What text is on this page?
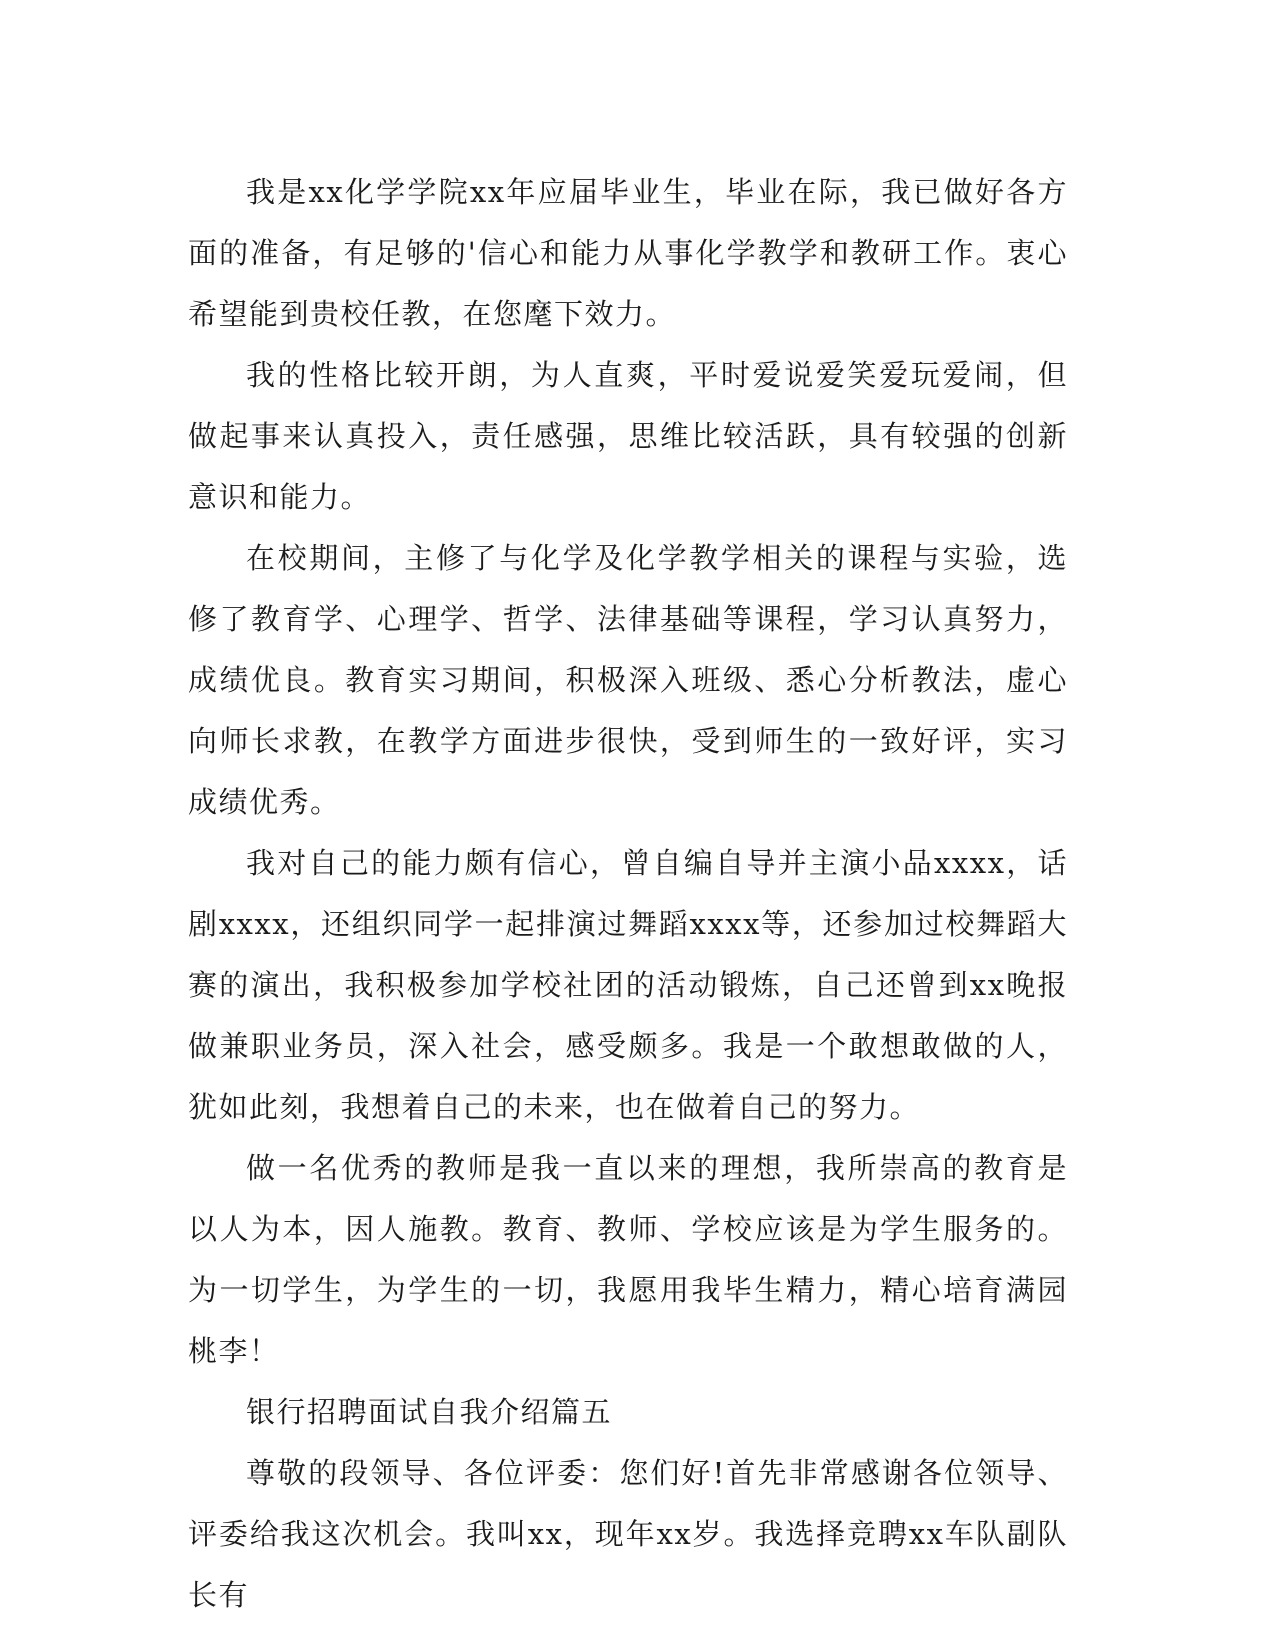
我是xx化学学院xx年应届毕业生，毕业在际，我已做好各方面的准备，有足够的'信心和能力从事化学教学和教研工作。衷心希望能到贵校任教，在您麾下效力。

我的性格比较开朗，为人直爽，平时爱说爱笑爱玩爱闹，但做起事来认真投入，责任感强，思维比较活跃，具有较强的创新意识和能力。

在校期间，主修了与化学及化学教学相关的课程与实验，选修了教育学、心理学、哲学、法律基础等课程，学习认真努力，成绩优良。教育实习期间，积极深入班级、悉心分析教法，虚心向师长求教，在教学方面进步很快，受到师生的一致好评，实习成绩优秀。

我对自己的能力颇有信心，曾自编自导并主演小品xxxx，话剧xxxx，还组织同学一起排演过舞蹈xxxx等，还参加过校舞蹈大赛的演出，我积极参加学校社团的活动锻炼，自己还曾到xx晚报做兼职业务员，深入社会，感受颇多。我是一个敢想敢做的人，犹如此刻，我想着自己的未来，也在做着自己的努力。

做一名优秀的教师是我一直以来的理想，我所崇高的教育是以人为本，因人施教。教育、教师、学校应该是为学生服务的。为一切学生，为学生的一切，我愿用我毕生精力，精心培育满园桃李！

银行招聘面试自我介绍篇五

尊敬的段领导、各位评委：您们好!首先非常感谢各位领导、评委给我这次机会。我叫xx，现年xx岁。我选择竞聘xx车队副队长有
